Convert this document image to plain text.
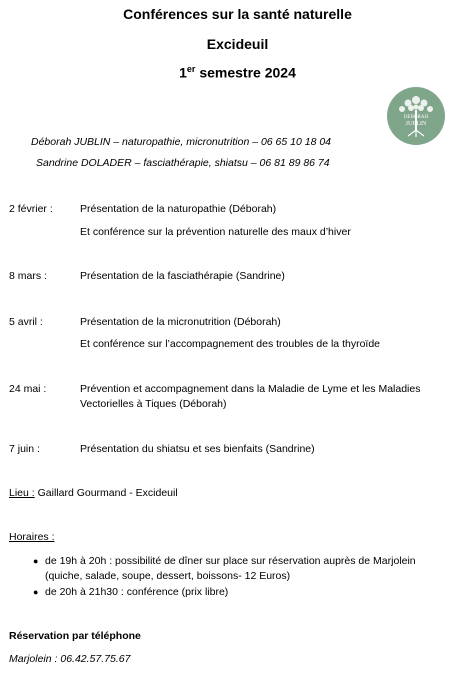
Conférences sur la santé naturelle
Excideuil
1er semestre 2024
DEBORAH
JUBLIN
Déborah JUBLIN – naturopathie, micronutrition – 06 65 10 18 04
Sandrine DOLADER – fasciathérapie, shiatsu – 06 81 89 86 74
2 février :	Présentation de la naturopathie (Déborah)
Et conférence sur la prévention naturelle des maux d’hiver
8 mars :	Présentation de la fasciathérapie (Sandrine)
5 avril :	Présentation de la micronutrition (Déborah)
Et conférence sur l’accompagnement des troubles de la thyroïde
24 mai :	Prévention et accompagnement dans la Maladie de Lyme et les Maladies Vectorielles à Tiques (Déborah)
7 juin :	Présentation du shiatsu et ses bienfaits (Sandrine)
Lieu : Gaillard Gourmand - Excideuil
Horaires :
● de 19h à 20h : possibilité de dîner sur place sur réservation auprès de Marjolein (quiche, salade, soupe, dessert, boissons- 12 Euros)
● de 20h à 21h30 : conférence (prix libre)
Réservation par téléphone
Marjolein : 06.42.57.75.67
